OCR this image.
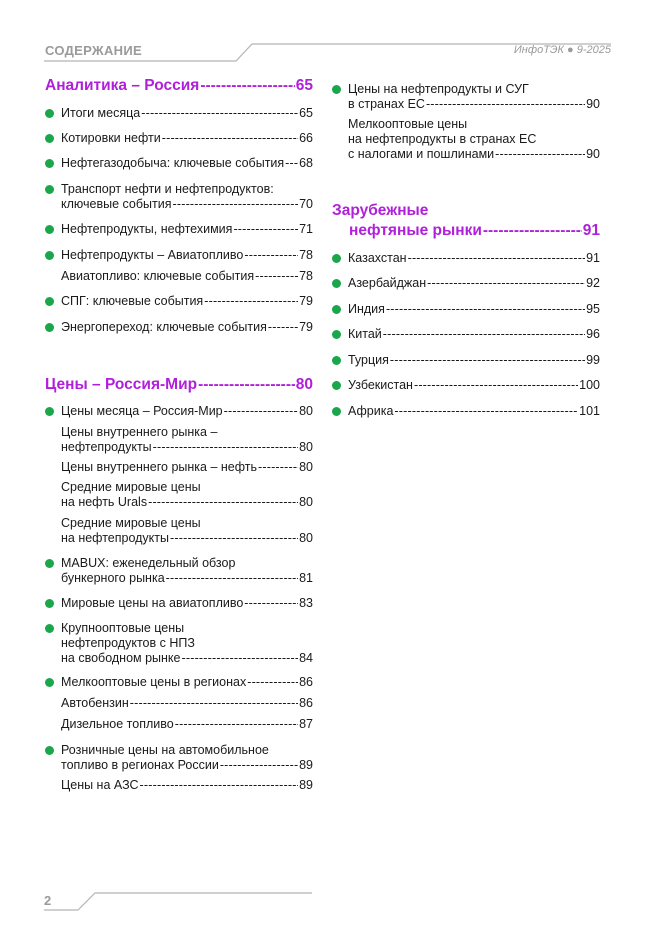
СОДЕРЖАНИЕ	ИнфоТЭК ● 9-2025
Аналитика – Россия -----	65
Итоги месяца -----	65
Котировки нефти -----	66
Нефтегазодобыча: ключевые события ----- 68
Транспорт нефти и нефтепродуктов:
ключевые события -----	70
Нефтепродукты, нефтехимия -----	71
Нефтепродукты – Авиатопливо -----	78
Авиатопливо: ключевые события -----	78
СПГ: ключевые события -----	79
Энергопереход: ключевые события -----	79
Цены – Россия-Мир -----	80
Цены месяца – Россия-Мир -----	80
Цены внутреннего рынка –
нефтепродукты -----	80
Цены внутреннего рынка – нефть -----	80
Средние мировые цены
на нефть Urals -----	80
Средние мировые цены
на нефтепродукты -----	80
MABUX: еженедельный обзор
бункерного рынка -----	81
Мировые цены на авиатопливо -----	83
Крупнооптовые цены
нефтепродуктов с НПЗ
на свободном рынке -----	84
Мелкооптовые цены в регионах -----	86
Автобензин -----	86
Дизельное топливо -----	87
Розничные цены на автомобильное
топливо в регионах России -----	89
Цены на АЗС -----	89
Цены на нефтепродукты и СУГ
в странах ЕС -----	90
Мелкооптовые цены
на нефтепродукты в странах ЕС
с налогами и пошлинами -----	90
Зарубежные
нефтяные рынки -----	91
Казахстан -----	91
Азербайджан -----	92
Индия -----	95
Китай -----	96
Турция -----	99
Узбекистан -----	100
Африка -----	101
2
